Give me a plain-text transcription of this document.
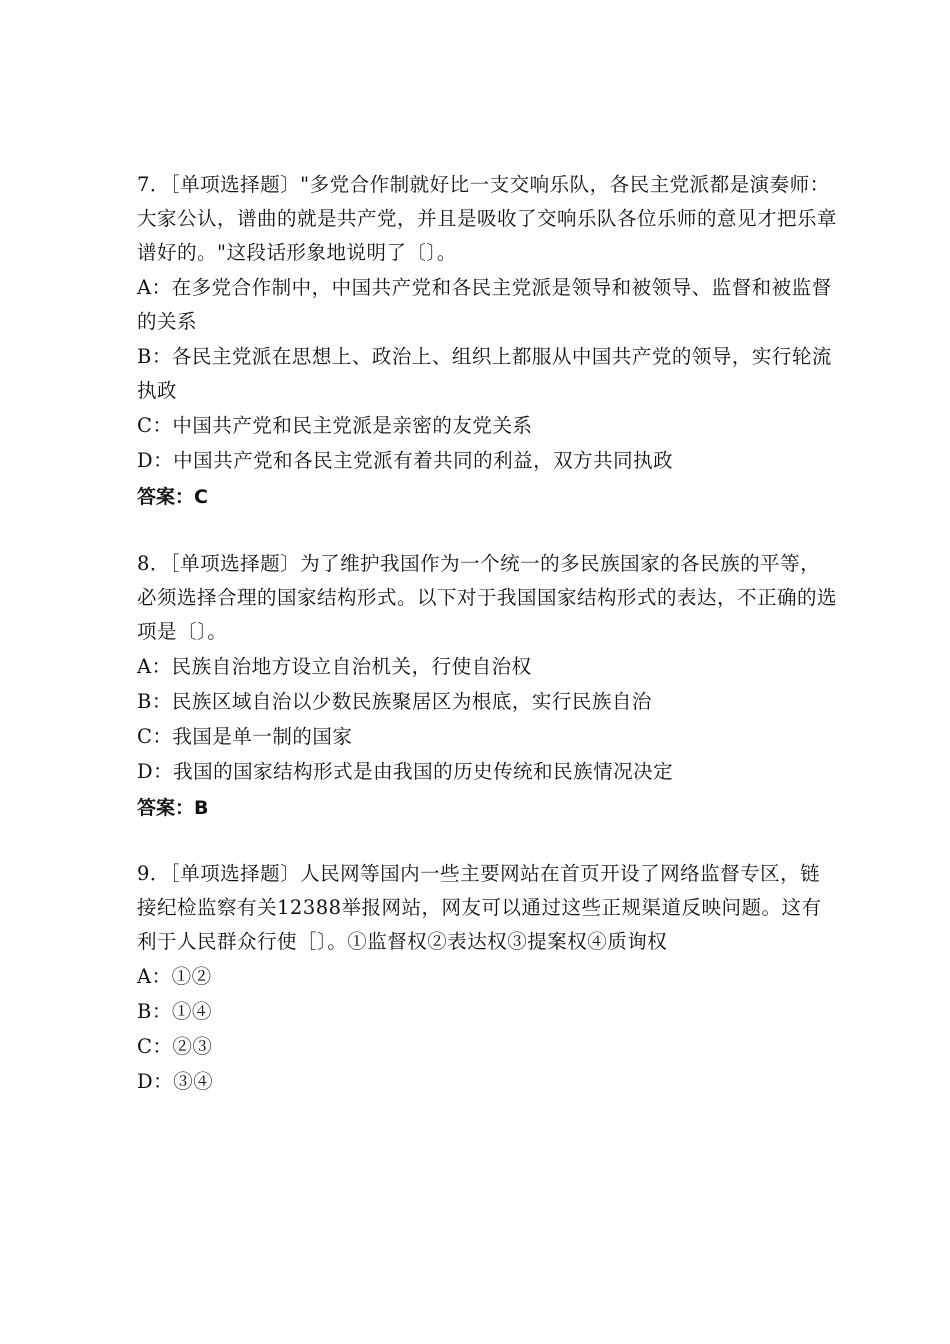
7．［单项选择题〕"多党合作制就好比一支交响乐队，各民主党派都是演奏师：大家公认，谱曲的就是共产党，并且是吸收了交响乐队各位乐师的意见才把乐章谱好的。"这段话形象地说明了〔〕。

A：在多党合作制中，中国共产党和各民主党派是领导和被领导、监督和被监督的关系
B：各民主党派在思想上、政治上、组织上都服从中国共产党的领导，实行轮流执政
C：中国共产党和民主党派是亲密的友党关系
D：中国共产党和各民主党派有着共同的利益，双方共同执政
答案：C

8．［单项选择题〕为了维护我国作为一个统一的多民族国家的各民族的平等，必须选择合理的国家结构形式。以下对于我国国家结构形式的表达，不正确的选项是〔〕。

A：民族自治地方设立自治机关，行使自治权
B：民族区域自治以少数民族聚居区为根底，实行民族自治
C：我国是单一制的国家
D：我国的国家结构形式是由我国的历史传统和民族情况决定
答案：B

9．［单项选择题〕人民网等国内一些主要网站在首页开设了网络监督专区，链接纪检监察有关12388举报网站，网友可以通过这些正规渠道反映问题。这有利于人民群众行使［〕。①监督权②表达权③提案权④质询权

A：①②
B：①④
C：②③
D：③④
